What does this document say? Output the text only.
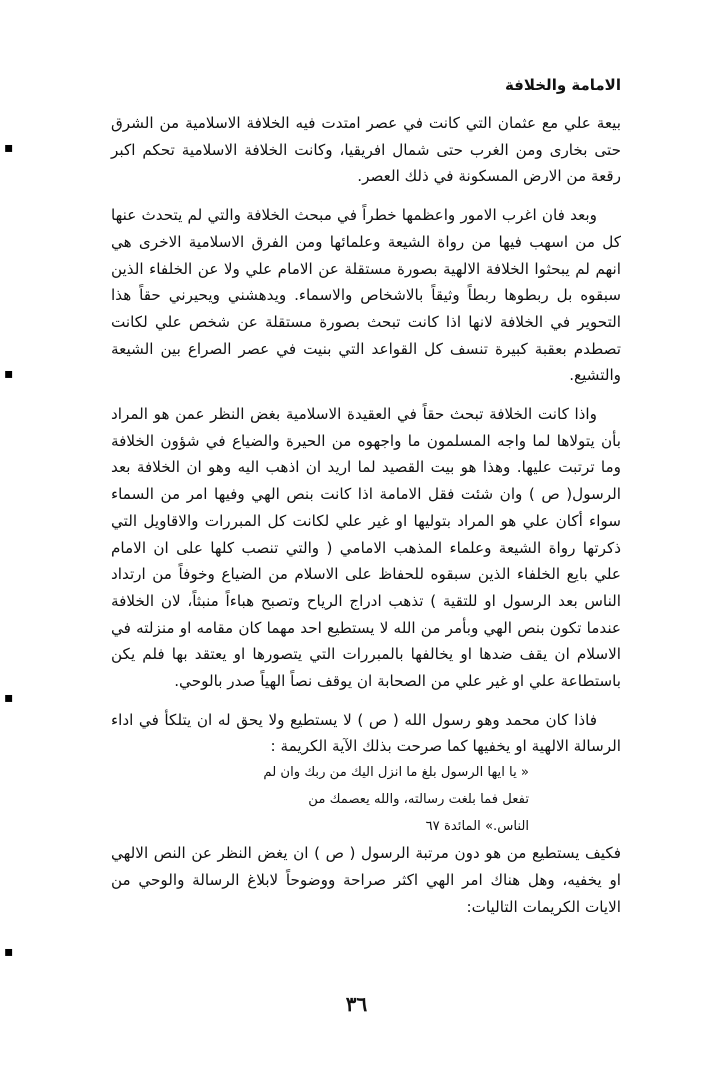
الامامة والخلافة

بيعة علي مع عثمان التي كانت في عصر امتدت فيه الخلافة الاسلامية من الشرق حتى بخارى ومن الغرب حتى شمال افريقيا، وكانت الخلافة الاسلامية تحكم اكبر رقعة من الارض المسكونة في ذلك العصر.

وبعد فان اغرب الامور واعظمها خطراً في مبحث الخلافة والتي لم يتحدث عنها كل من اسهب فيها من رواة الشيعة وعلمائها ومن الفرق الاسلامية الاخرى هي انهم لم يبحثوا الخلافة الالهية بصورة مستقلة عن الامام علي ولا عن الخلفاء الذين سبقوه بل ربطوها ربطاً وثيقاً بالاشخاص والاسماء. ويدهشني ويحيرني حقاً هذا التحوير في الخلافة لانها اذا كانت تبحث بصورة مستقلة عن شخص علي لكانت تصطدم بعقبة كبيرة تنسف كل القواعد التي بنيت في عصر الصراع بين الشيعة والتشيع.

واذا كانت الخلافة تبحث حقاً في العقيدة الاسلامية بغض النظر عمن هو المراد بأن يتولاها لما واجه المسلمون ما واجهوه من الحيرة والضياع في شؤون الخلافة وما ترتبت عليها. وهذا هو بيت القصيد لما اريد ان اذهب اليه وهو ان الخلافة بعد الرسول( ص ) وان شئت فقل الامامة اذا كانت بنص الهي وفيها امر من السماء سواء أكان علي هو المراد بتوليها او غير علي لكانت كل المبررات والاقاويل التي ذكرتها رواة الشيعة وعلماء المذهب الامامي ( والتي تنصب كلها على ان الامام علي بايع الخلفاء الذين سبقوه للحفاظ على الاسلام من الضياع وخوفاً من ارتداد الناس بعد الرسول او للتقية ) تذهب ادراج الرياح وتصبح هباءاً منبثاً، لان الخلافة عندما تكون بنص الهي وبأمر من الله لا يستطيع احد مهما كان مقامه او منزلته في الاسلام ان يقف ضدها او يخالفها بالمبررات التي يتصورها او يعتقد بها فلم يكن باستطاعة علي او غير علي من الصحابة ان يوقف نصاً الهياً صدر بالوحي.

فاذا كان محمد وهو رسول الله ( ص ) لا يستطيع ولا يحق له ان يتلكأ في اداء الرسالة الالهية او يخفيها كما صرحت بذلك الآية الكريمة :

« يا ايها الرسول بلغ ما انزل اليك من ربك وان لم
تفعل فما بلغت رسالته، والله يعصمك من
الناس.» المائدة ٦٧

فكيف يستطيع من هو دون مرتبة الرسول ( ص ) ان يغض النظر عن النص الالهي او يخفيه، وهل هناك امر الهي اكثر صراحة ووضوحاً لابلاغ الرسالة والوحي من الايات الكريمات التاليات:

٣٦
▪
▪
▪
▪
